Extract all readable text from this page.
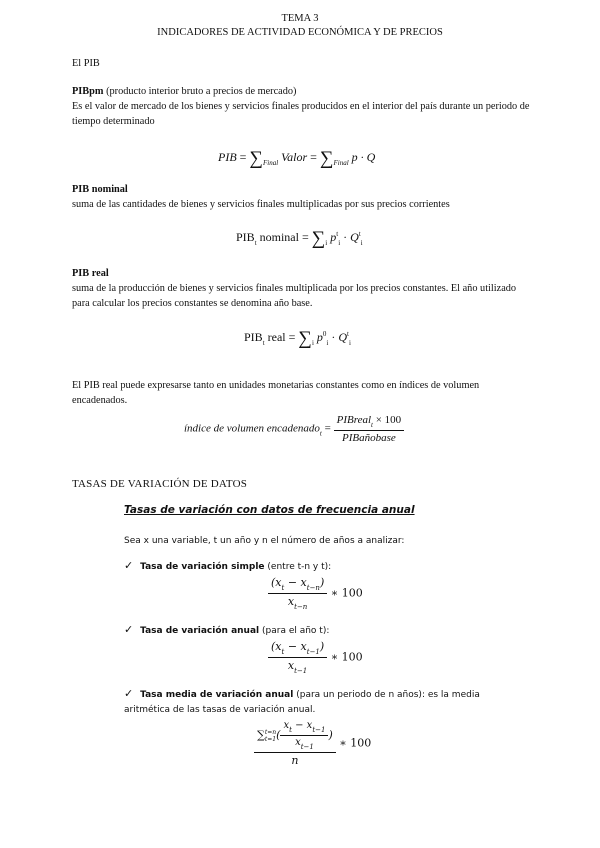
TEMA 3
INDICADORES DE ACTIVIDAD ECONÓMICA Y DE PRECIOS
El PIB
PIBpm (producto interior bruto a precios de mercado)
Es el valor de mercado de los bienes y servicios finales producidos en el interior del país durante un periodo de tiempo determinado
PIB = $\sum_{Final}$ Valor = $\sum_{Final}$ p · Q
PIB nominal
suma de las cantidades de bienes y servicios finales multiplicadas por sus precios corrientes
$PIB_t$ nominal = $\sum_i$ $p^t_i \cdot Q^t_i$
PIB real
suma de la producción de bienes y servicios finales multiplicada por los precios constantes. El año utilizado para calcular los precios constantes se denomina año base.
$PIB_t$ real = $\sum_i$ $p^0_i \cdot Q^t_i$
El PIB real puede expresarse tanto en unidades monetarias constantes como en índices de volumen encadenados.
índice de volumen encadenado$_t$ = $\frac{PIBreal_t \times 100}{\text{PIBañobase}}$
TASAS DE VARIACIÓN DE DATOS
Tasas de variación con datos de frecuencia anual
Sea x una variable, t un año y n el número de años a analizar:
✓ Tasa de variación simple (entre t-n y t):
$\frac{(x_t - x_{t-n})}{x_{t-n}}$ ∗ 100
✓ Tasa de variación anual (para el año t):
$\frac{(x_t - x_{t-1})}{x_{t-1}}$ ∗ 100
✓ Tasa media de variación anual (para un periodo de n años): es la media aritmética de las tasas de variación anual.
∑ t=n
t=1 ( $\frac{x_t - x_{t-1}}{x_{t-1}}$ )
n ∗ 100
